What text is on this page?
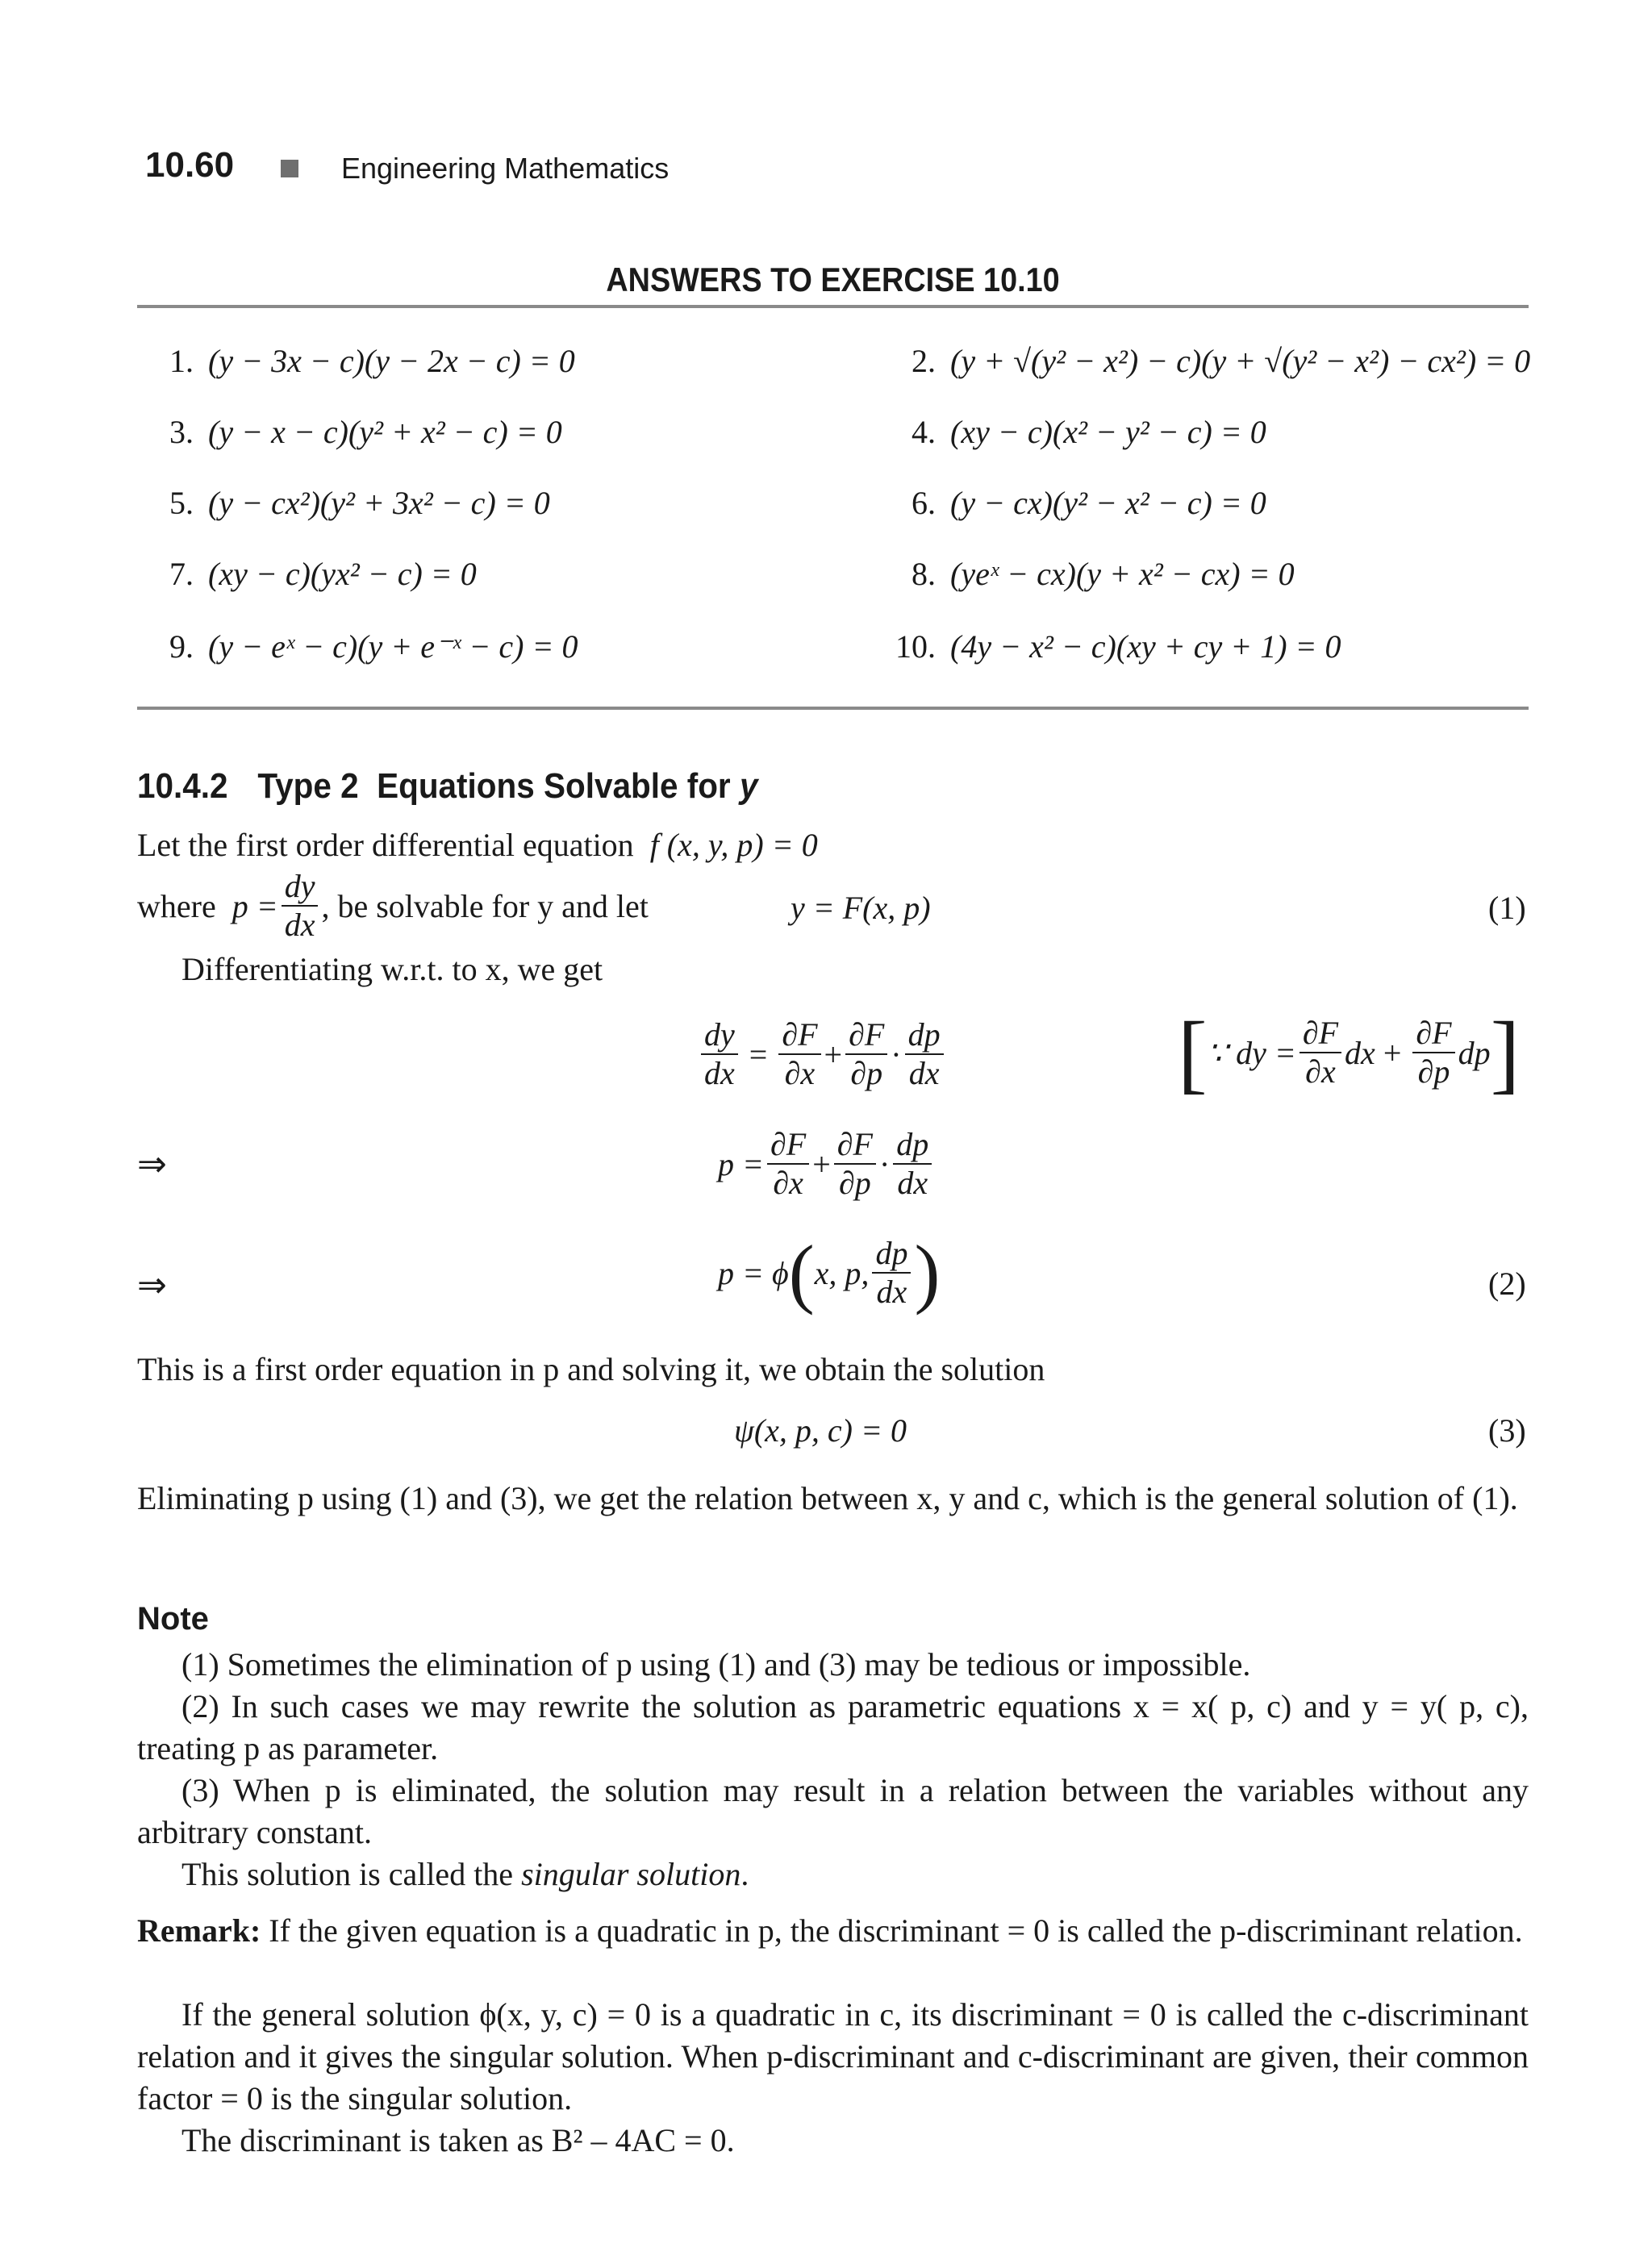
10.60	Engineering Mathematics
ANSWERS TO EXERCISE 10.10
1. (y − 3x − c)(y − 2x − c) = 0	2. (y + √(y² − x²) − c)(y + √(y² − x²) − cx²) = 0
3. (y − x − c)(y² + x² − c) = 0	4. (xy − c)(x² − y² − c) = 0
5. (y − cx²)(y² + 3x² − c) = 0	6. (y − cx)(y² − x² − c) = 0
7. (xy − c)(yx² − c) = 0	8. (yeˣ − cx)(y + x² − cx) = 0
9. (y − eˣ − c)(y + e⁻ˣ − c) = 0	10. (4y − x² − c)(xy + cy + 1) = 0
10.4.2 Type 2 Equations Solvable for y
Let the first order differential equation f (x, y, p) = 0
where
$p = \frac{dy}{dx}$ , be solvable for y and let	y = F(x, p)	(1)
Differentiating w.r.t. to x, we get
$\frac{dy}{dx} = \frac{\partial F}{\partial x} + \frac{\partial F}{\partial p} \cdot \frac{dp}{dx}$	[ ∵ dy = $\frac{\partial F}{\partial x}$ dx + $\frac{\partial F}{\partial p}$ dp ]
⇒	$p = \frac{\partial F}{\partial x} + \frac{\partial F}{\partial p} \cdot \frac{dp}{dx}$
⇒	p = ϕ ( x, p, $\frac{dp}{dx}$ )	(2)
This is a first order equation in p and solving it, we obtain the solution
ψ(x, p, c) = 0	(3)
Eliminating p using (1) and (3), we get the relation between x, y and c, which is the general solution of (1).
Note
(1) Sometimes the elimination of p using (1) and (3) may be tedious or impossible.
(2) In such cases we may rewrite the solution as parametric equations x = x( p, c) and y = y( p, c), treating p as parameter.
(3) When p is eliminated, the solution may result in a relation between the variables without any arbitrary constant.
This solution is called the singular solution.
Remark: If the given equation is a quadratic in p, the discriminant = 0 is called the p-discriminant relation.
If the general solution ϕ(x, y, c) = 0 is a quadratic in c, its discriminant = 0 is called the c-discriminant relation and it gives the singular solution. When p-discriminant and c-discriminant are given, their common factor = 0 is the singular solution.
The discriminant is taken as B² – 4AC = 0.
